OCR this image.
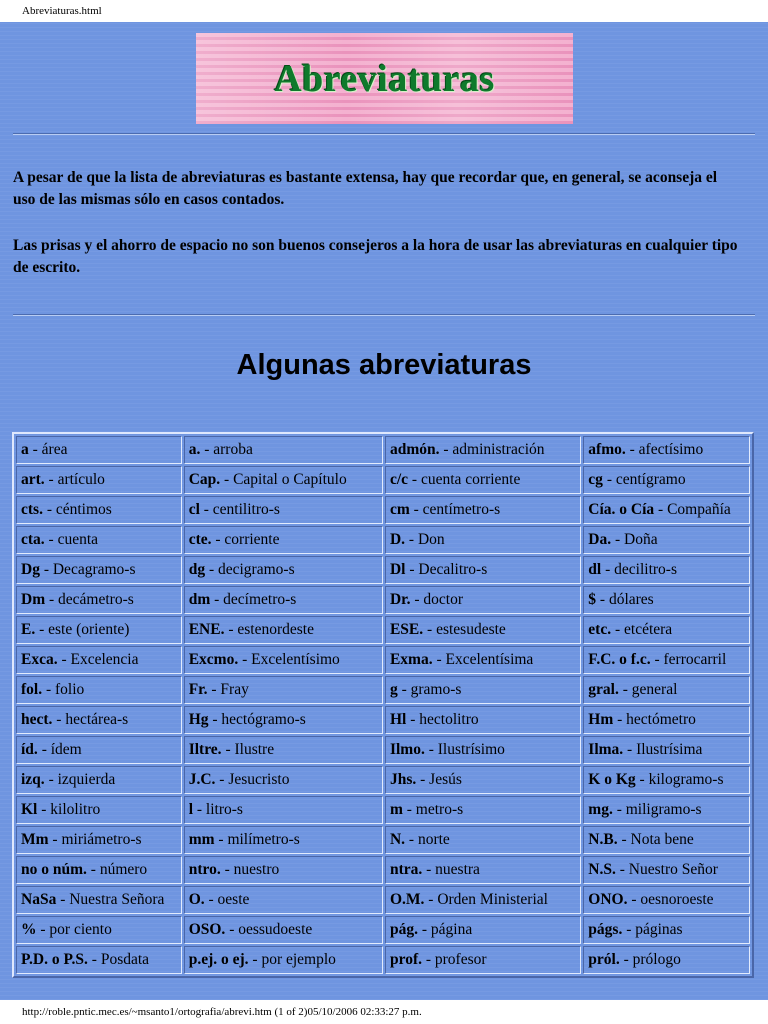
Abreviaturas.html
Abreviaturas

A pesar de que la lista de abreviaturas es bastante extensa, hay que recordar que, en general, se aconseja el uso de las mismas sólo en casos contados.

Las prisas y el ahorro de espacio no son buenos consejeros a la hora de usar las abreviaturas en cualquier tipo de escrito.

Algunas abreviaturas
a - área	a. - arroba	admón. - administración	afmo. - afectísimo
art. - artículo	Cap. - Capital o Capítulo	c/c - cuenta corriente	cg - centígramo
cts. - céntimos	cl - centilitro-s	cm - centímetro-s	Cía. o Cía - Compañía
cta. - cuenta	cte. - corriente	D. - Don	Da. - Doña
Dg - Decagramo-s	dg - decigramo-s	Dl - Decalitro-s	dl - decilitro-s
Dm - decámetro-s	dm - decímetro-s	Dr. - doctor	$ - dólares
E. - este (oriente)	ENE. - estenordeste	ESE. - estesudeste	etc. - etcétera
Exca. - Excelencia	Excmo. - Excelentísimo	Exma. - Excelentísima	F.C. o f.c. - ferrocarril
fol. - folio	Fr. - Fray	g - gramo-s	gral. - general
hect. - hectárea-s	Hg - hectógramo-s	Hl - hectolitro	Hm - hectómetro
íd. - ídem	Iltre. - Ilustre	Ilmo. - Ilustrísimo	Ilma. - Ilustrísima
izq. - izquierda	J.C. - Jesucristo	Jhs. - Jesús	K o Kg - kilogramo-s
Kl - kilolitro	l - litro-s	m - metro-s	mg. - miligramo-s
Mm - miriámetro-s	mm - milímetro-s	N. - norte	N.B. - Nota bene
no o núm. - número	ntro. - nuestro	ntra. - nuestra	N.S. - Nuestro Señor
NaSa - Nuestra Señora	O. - oeste	O.M. - Orden Ministerial	ONO. - oesnoroeste
% - por ciento	OSO. - oessudoeste	pág. - página	págs. - páginas
P.D. o P.S. - Posdata	p.ej. o ej. - por ejemplo	prof. - profesor	pról. - prólogo
http://roble.pntic.mec.es/~msanto1/ortografia/abrevi.htm (1 of 2)05/10/2006 02:33:27 p.m.
